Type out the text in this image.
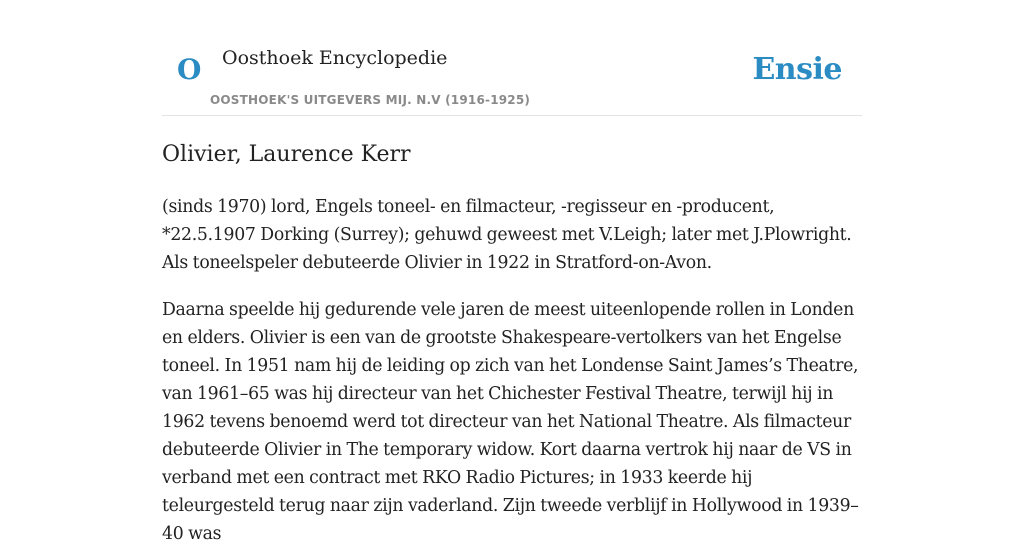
O Oosthoek Encyclopedie
OOSTHOEK'S UITGEVERS MIJ. N.V (1916-1925)
Ensie
Olivier, Laurence Kerr

(sinds 1970) lord, Engels toneel- en filmacteur, -regisseur en -producent, *22.5.1907 Dorking (Surrey); gehuwd geweest met V.Leigh; later met J.Plowright. Als toneelspeler debuteerde Olivier in 1922 in Stratford-on-Avon.

Daarna speelde hij gedurende vele jaren de meest uiteenlopende rollen in Londen en elders. Olivier is een van de grootste Shakespeare-vertolkers van het Engelse toneel. In 1951 nam hij de leiding op zich van het Londense Saint James’s Theatre, van 1961–65 was hij directeur van het Chichester Festival Theatre, terwijl hij in 1962 tevens benoemd werd tot directeur van het National Theatre. Als filmacteur debuteerde Olivier in The temporary widow. Kort daarna vertrok hij naar de VS in verband met een contract met RKO Radio Pictures; in 1933 keerde hij teleurgesteld terug naar zijn vaderland. Zijn tweede verblijf in Hollywood in 1939–40 was
